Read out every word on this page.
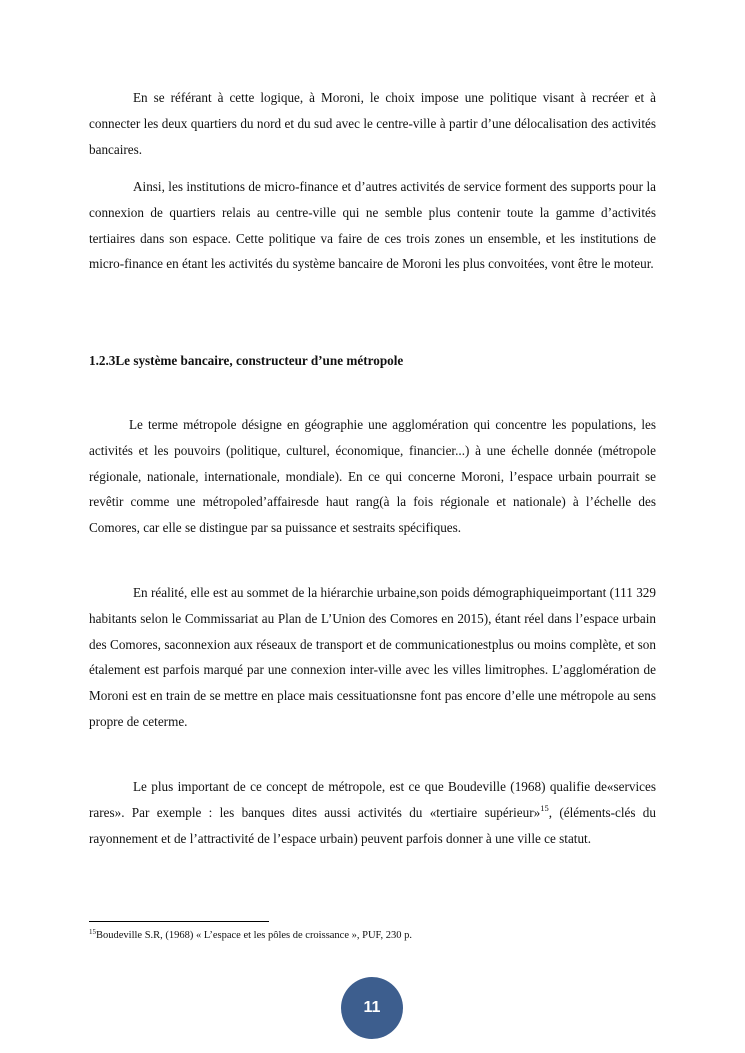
En se référant à cette logique, à Moroni, le choix impose une politique visant à recréer et à connecter les deux quartiers du nord et du sud avec le centre-ville à partir d’une délocalisation des activités bancaires.

Ainsi, les institutions de micro-finance et d’autres activités de service forment des supports pour la connexion de quartiers relais au centre-ville qui ne semble plus contenir toute la gamme d’activités tertiaires dans son espace. Cette politique va faire de ces trois zones un ensemble, et les institutions de micro-finance en étant les activités du système bancaire de Moroni les plus convoitées, vont être le moteur.

1.2.3Le système bancaire, constructeur d’une métropole

Le terme métropole désigne en géographie une agglomération qui concentre les populations, les activités et les pouvoirs (politique, culturel, économique, financier...) à une échelle donnée (métropole régionale, nationale, internationale, mondiale). En ce qui concerne Moroni, l’espace urbain pourrait se revêtir comme une métropoled’affairesde haut rang(à la fois régionale et nationale) à l’échelle des Comores, car elle se distingue par sa puissance et sestraits spécifiques.

En réalité, elle est au sommet de la hiérarchie urbaine,son poids démographiqueimportant (111 329 habitants selon le Commissariat au Plan de L’Union des Comores en 2015), étant réel dans l’espace urbain des Comores, saconnexion aux réseaux de transport et de communicationestplus ou moins complète, et son étalement est parfois marqué par une connexion inter-ville avec les villes limitrophes. L’agglomération de Moroni est en train de se mettre en place mais cessituationsne font pas encore d’elle une métropole au sens propre de ceterme.

Le plus important de ce concept de métropole, est ce que Boudeville (1968) qualifie de«services rares». Par exemple : les banques dites aussi activités du «tertiaire supérieur»$^{15}$, (éléments-clés du rayonnement et de l’attractivité de l’espace urbain) peuvent parfois donner à une ville ce statut.

$^{15}$Boudeville S.R, (1968) « L’espace et les pôles de croissance », PUF, 230 p.

11
